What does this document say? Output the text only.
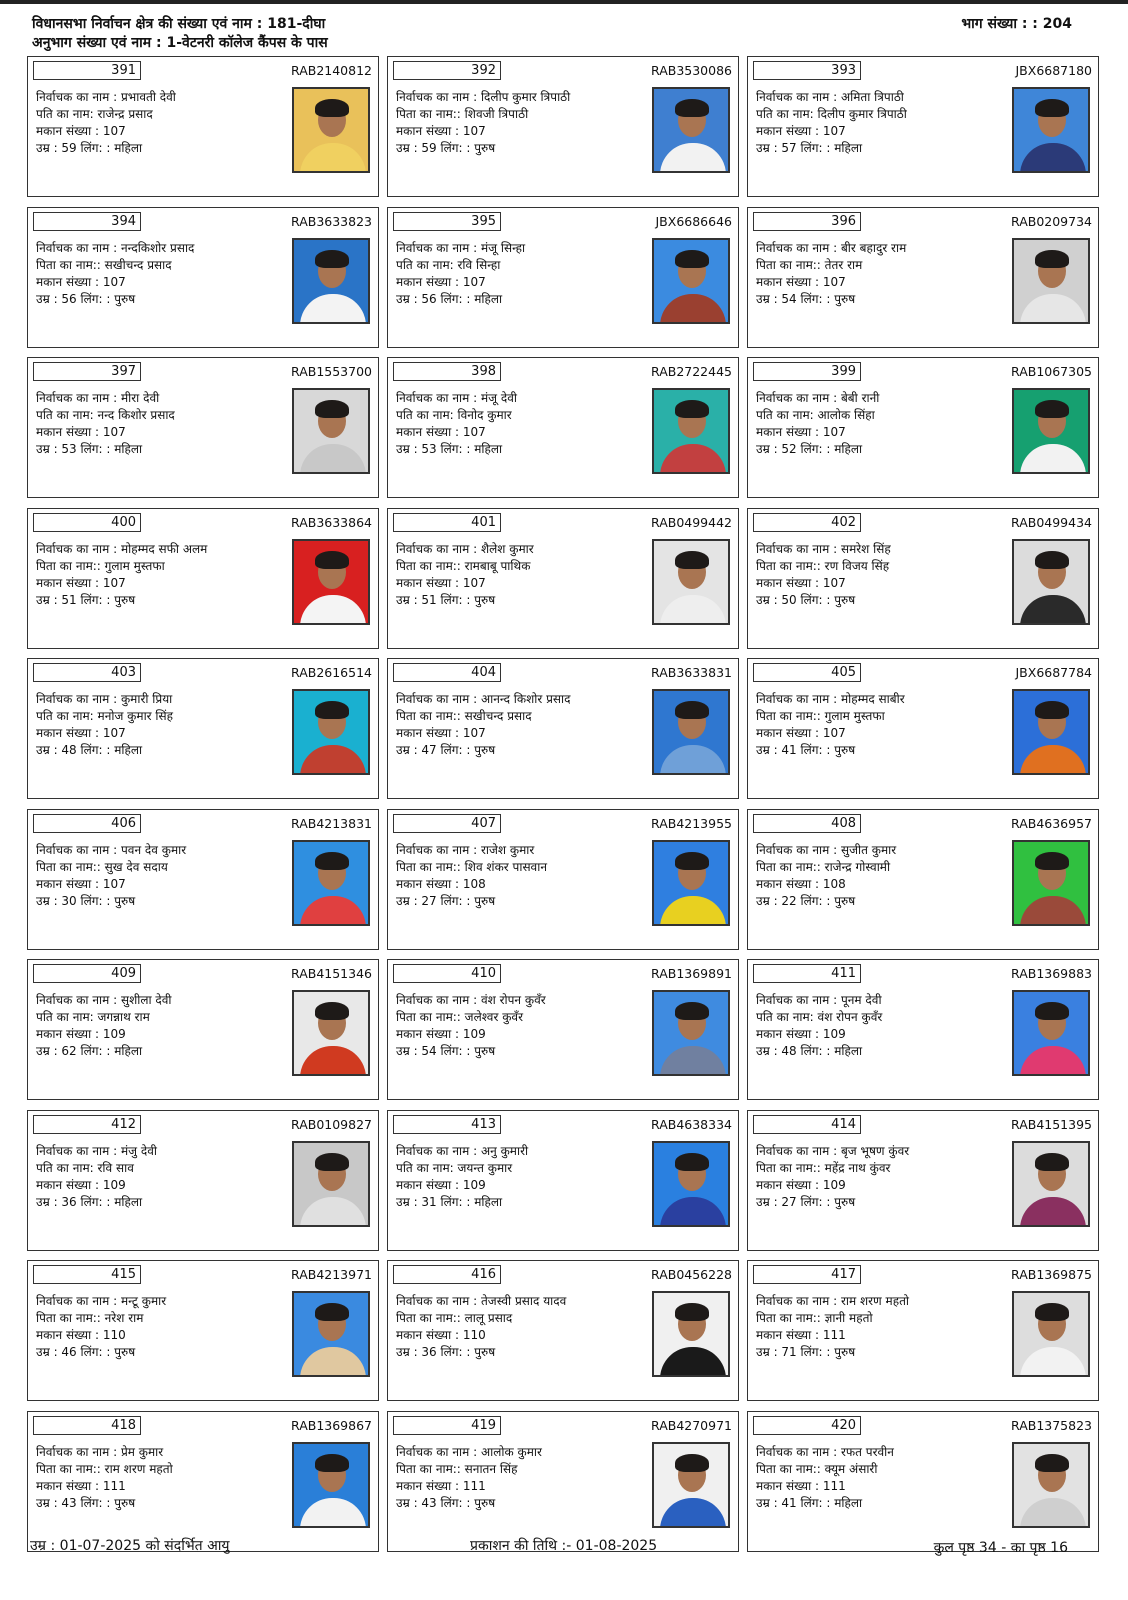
विधानसभा निर्वाचन क्षेत्र की संख्या एवं नाम : 181-दीघा
अनुभाग संख्या एवं नाम : 1-वेटनरी कॉलेज कैंपस के पास
भाग संख्या : : 204
391	RAB2140812
निर्वाचक का नाम : प्रभावती देवी
पति का नाम: राजेन्द्र प्रसाद
मकान संख्या : 107
उम्र : 59 लिंग: : महिला
392	RAB3530086
निर्वाचक का नाम : दिलीप कुमार त्रिपाठी
पिता का नाम:: शिवजी त्रिपाठी
मकान संख्या : 107
उम्र : 59 लिंग: : पुरुष
393	JBX6687180
निर्वाचक का नाम : अमिता त्रिपाठी
पति का नाम: दिलीप कुमार त्रिपाठी
मकान संख्या : 107
उम्र : 57 लिंग: : महिला
394	RAB3633823
निर्वाचक का नाम : नन्दकिशोर प्रसाद
पिता का नाम:: सखीचन्द प्रसाद
मकान संख्या : 107
उम्र : 56 लिंग: : पुरुष
395	JBX6686646
निर्वाचक का नाम : मंजू सिन्हा
पति का नाम: रवि सिन्हा
मकान संख्या : 107
उम्र : 56 लिंग: : महिला
396	RAB0209734
निर्वाचक का नाम : बीर बहादुर राम
पिता का नाम:: तेतर राम
मकान संख्या : 107
उम्र : 54 लिंग: : पुरुष
397	RAB1553700
निर्वाचक का नाम : मीरा देवी
पति का नाम: नन्द किशोर प्रसाद
मकान संख्या : 107
उम्र : 53 लिंग: : महिला
398	RAB2722445
निर्वाचक का नाम : मंजू देवी
पति का नाम: विनोद कुमार
मकान संख्या : 107
उम्र : 53 लिंग: : महिला
399	RAB1067305
निर्वाचक का नाम : बेबी रानी
पति का नाम: आलोक सिंहा
मकान संख्या : 107
उम्र : 52 लिंग: : महिला
400	RAB3633864
निर्वाचक का नाम : मोहम्मद सफी अलम
पिता का नाम:: गुलाम मुस्तफा
मकान संख्या : 107
उम्र : 51 लिंग: : पुरुष
401	RAB0499442
निर्वाचक का नाम : शैलेश कुमार
पिता का नाम:: रामबाबू पाथिक
मकान संख्या : 107
उम्र : 51 लिंग: : पुरुष
402	RAB0499434
निर्वाचक का नाम : समरेश सिंह
पिता का नाम:: रण विजय सिंह
मकान संख्या : 107
उम्र : 50 लिंग: : पुरुष
403	RAB2616514
निर्वाचक का नाम : कुमारी प्रिया
पति का नाम: मनोज कुमार सिंह
मकान संख्या : 107
उम्र : 48 लिंग: : महिला
404	RAB3633831
निर्वाचक का नाम : आनन्द किशोर प्रसाद
पिता का नाम:: सखीचन्द प्रसाद
मकान संख्या : 107
उम्र : 47 लिंग: : पुरुष
405	JBX6687784
निर्वाचक का नाम : मोहम्मद साबीर
पिता का नाम:: गुलाम मुस्तफा
मकान संख्या : 107
उम्र : 41 लिंग: : पुरुष
406	RAB4213831
निर्वाचक का नाम : पवन देव कुमार
पिता का नाम:: सुख देव सदाय
मकान संख्या : 107
उम्र : 30 लिंग: : पुरुष
407	RAB4213955
निर्वाचक का नाम : राजेश कुमार
पिता का नाम:: शिव शंकर पासवान
मकान संख्या : 108
उम्र : 27 लिंग: : पुरुष
408	RAB4636957
निर्वाचक का नाम : सुजीत कुमार
पिता का नाम:: राजेन्द्र गोस्वामी
मकान संख्या : 108
उम्र : 22 लिंग: : पुरुष
409	RAB4151346
निर्वाचक का नाम : सुशीला देवी
पति का नाम: जगन्नाथ राम
मकान संख्या : 109
उम्र : 62 लिंग: : महिला
410	RAB1369891
निर्वाचक का नाम : वंश रोपन कुवँर
पिता का नाम:: जलेश्वर कुवँर
मकान संख्या : 109
उम्र : 54 लिंग: : पुरुष
411	RAB1369883
निर्वाचक का नाम : पूनम देवी
पति का नाम: वंश रोपन कुवँर
मकान संख्या : 109
उम्र : 48 लिंग: : महिला
412	RAB0109827
निर्वाचक का नाम : मंजु देवी
पति का नाम: रवि साव
मकान संख्या : 109
उम्र : 36 लिंग: : महिला
413	RAB4638334
निर्वाचक का नाम : अनु कुमारी
पति का नाम: जयन्त कुमार
मकान संख्या : 109
उम्र : 31 लिंग: : महिला
414	RAB4151395
निर्वाचक का नाम : बृज भूषण कुंवर
पिता का नाम:: महेंद्र नाथ कुंवर
मकान संख्या : 109
उम्र : 27 लिंग: : पुरुष
415	RAB4213971
निर्वाचक का नाम : मन्टू कुमार
पिता का नाम:: नरेश राम
मकान संख्या : 110
उम्र : 46 लिंग: : पुरुष
416	RAB0456228
निर्वाचक का नाम : तेजस्वी प्रसाद यादव
पिता का नाम:: लालू प्रसाद
मकान संख्या : 110
उम्र : 36 लिंग: : पुरुष
417	RAB1369875
निर्वाचक का नाम : राम शरण महतो
पिता का नाम:: ज्ञानी महतो
मकान संख्या : 111
उम्र : 71 लिंग: : पुरुष
418	RAB1369867
निर्वाचक का नाम : प्रेम कुमार
पिता का नाम:: राम शरण महतो
मकान संख्या : 111
उम्र : 43 लिंग: : पुरुष
419	RAB4270971
निर्वाचक का नाम : आलोक कुमार
पिता का नाम:: सनातन सिंह
मकान संख्या : 111
उम्र : 43 लिंग: : पुरुष
420	RAB1375823
निर्वाचक का नाम : रफत परवीन
पिता का नाम:: क्यूम अंसारी
मकान संख्या : 111
उम्र : 41 लिंग: : महिला
उम्र : 01-07-2025 को संदर्भित आयु	प्रकाशन की तिथि :- 01-08-2025	कुल पृष्ठ 34 - का पृष्ठ 16
